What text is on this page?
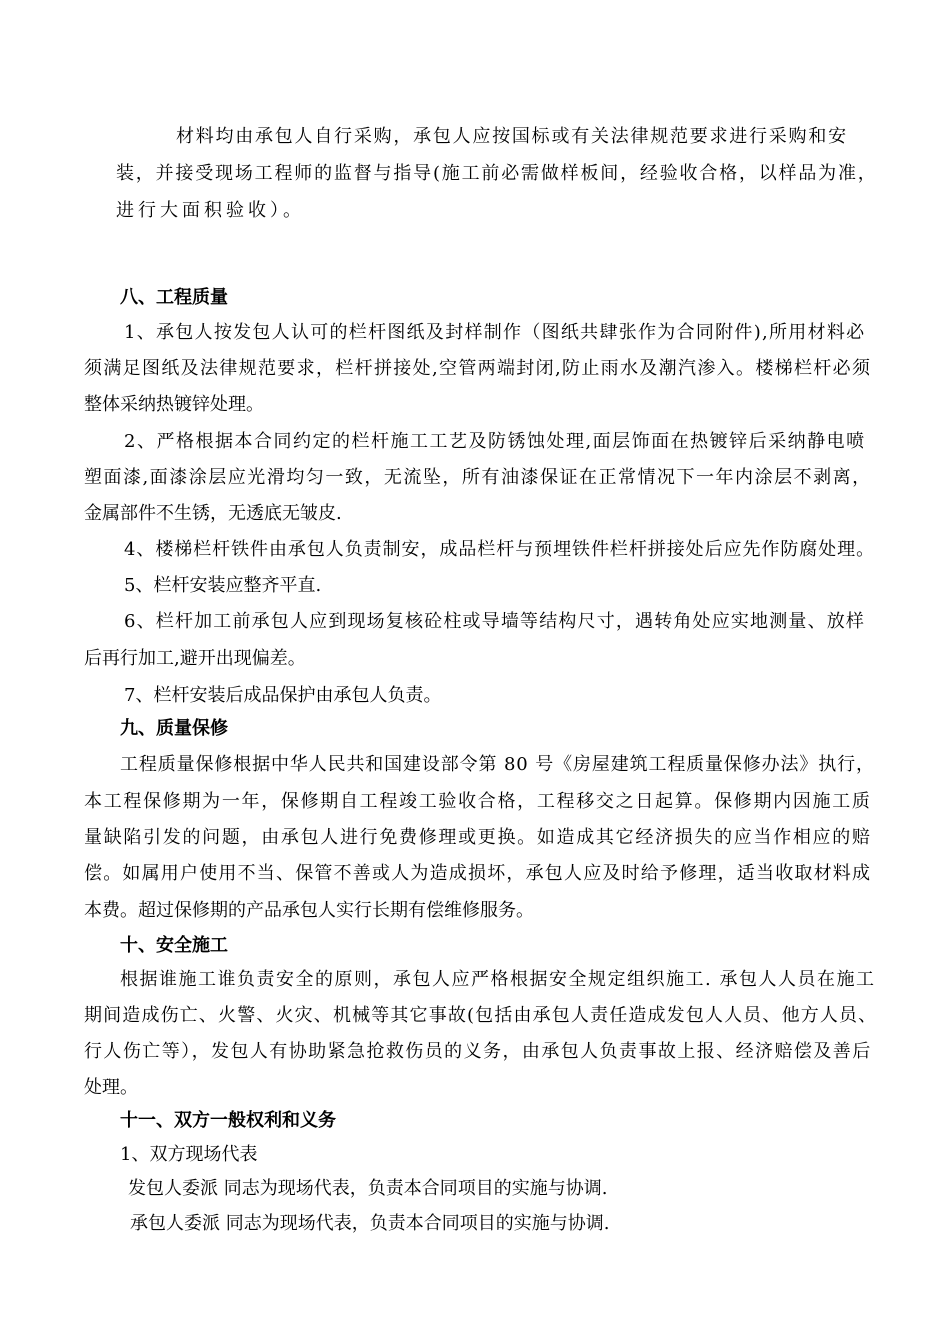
材料均由承包人自行采购，承包人应按国标或有关法律规范要求进行采购和安
装，并接受现场工程师的监督与指导(施工前必需做样板间，经验收合格，以样品为准，
进行大面积验收）。
八、工程质量
1、承包人按发包人认可的栏杆图纸及封样制作（图纸共肆张作为合同附件),所用材料必
须满足图纸及法律规范要求，栏杆拼接处,空管两端封闭,防止雨水及潮汽渗入。楼梯栏杆必须
整体采纳热镀锌处理。
2、严格根据本合同约定的栏杆施工工艺及防锈蚀处理,面层饰面在热镀锌后采纳静电喷
塑面漆,面漆涂层应光滑均匀一致，无流坠，所有油漆保证在正常情况下一年内涂层不剥离，
金属部件不生锈，无透底无皱皮.
4、楼梯栏杆铁件由承包人负责制安，成品栏杆与预埋铁件栏杆拼接处后应先作防腐处理。
5、栏杆安装应整齐平直.
6、栏杆加工前承包人应到现场复核砼柱或导墙等结构尺寸，遇转角处应实地测量、放样
后再行加工,避开出现偏差。
7、栏杆安装后成品保护由承包人负责。
九、质量保修
工程质量保修根据中华人民共和国建设部令第 80 号《房屋建筑工程质量保修办法》执行，
本工程保修期为一年，保修期自工程竣工验收合格，工程移交之日起算。保修期内因施工质
量缺陷引发的问题，由承包人进行免费修理或更换。如造成其它经济损失的应当作相应的赔
偿。如属用户使用不当、保管不善或人为造成损坏，承包人应及时给予修理，适当收取材料成
本费。超过保修期的产品承包人实行长期有偿维修服务。
十、安全施工
根据谁施工谁负责安全的原则，承包人应严格根据安全规定组织施工. 承包人人员在施工
期间造成伤亡、火警、火灾、机械等其它事故(包括由承包人责任造成发包人人员、他方人员、
行人伤亡等），发包人有协助紧急抢救伤员的义务，由承包人负责事故上报、经济赔偿及善后
处理。
十一、双方一般权利和义务
1、双方现场代表
发包人委派 同志为现场代表，负责本合同项目的实施与协调.
承包人委派 同志为现场代表，负责本合同项目的实施与协调.
